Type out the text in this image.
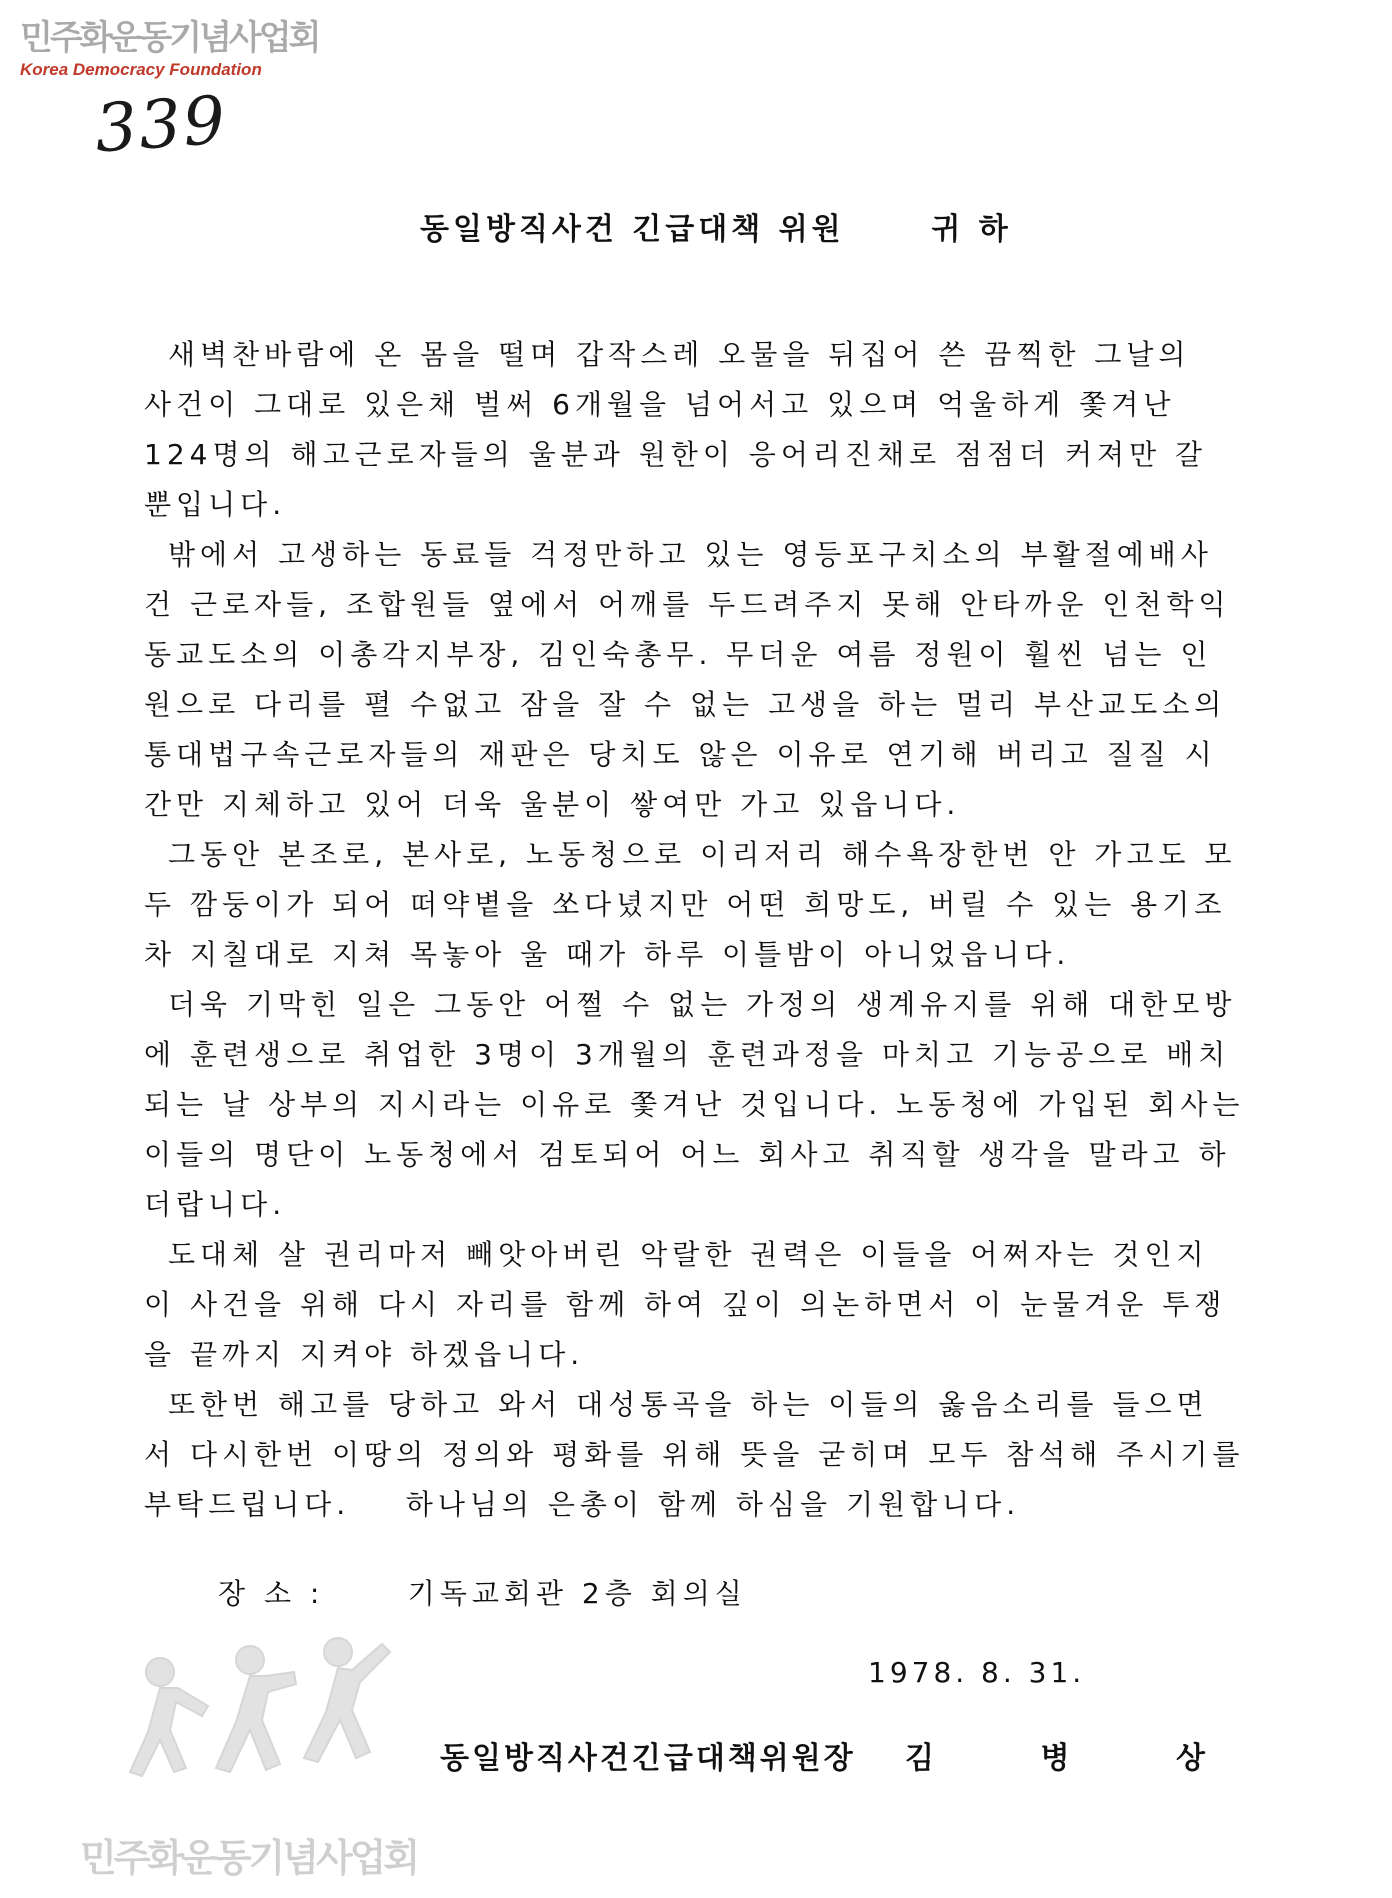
민주화운동기념사업회
Korea Democracy Foundation
339
동일방직사건 긴급대책 위원      귀 하
새벽찬바람에 온 몸을 떨며 갑작스레 오물을 뒤집어 쓴 끔찍한 그날의
사건이 그대로 있은채 벌써 6개월을 넘어서고 있으며 억울하게 쫓겨난
124명의 해고근로자들의 울분과 원한이 응어리진채로 점점더 커져만 갈
뿐입니다.
밖에서 고생하는 동료들 걱정만하고 있는 영등포구치소의 부활절예배사
건 근로자들, 조합원들 옆에서 어깨를 두드려주지 못해 안타까운 인천학익
동교도소의 이총각지부장, 김인숙총무. 무더운 여름 정원이 훨씬 넘는 인
원으로 다리를 펼 수없고 잠을 잘 수 없는 고생을 하는 멀리 부산교도소의
통대법구속근로자들의 재판은 당치도 않은 이유로 연기해 버리고 질질 시
간만 지체하고 있어 더욱 울분이 쌓여만 가고 있읍니다.
그동안 본조로, 본사로, 노동청으로 이리저리 해수욕장한번 안 가고도 모
두 깜둥이가 되어 떠약볕을 쏘다녔지만 어떤 희망도, 버릴 수 있는 용기조
차 지칠대로 지쳐 목놓아 울 때가 하루 이틀밤이 아니었읍니다.
더욱 기막힌 일은 그동안 어쩔 수 없는 가정의 생계유지를 위해 대한모방
에 훈련생으로 취업한 3명이 3개월의 훈련과정을 마치고 기능공으로 배치
되는 날 상부의 지시라는 이유로 쫓겨난 것입니다. 노동청에 가입된 회사는
이들의 명단이 노동청에서 검토되어 어느 회사고 취직할 생각을 말라고 하
더랍니다.
도대체 살 권리마저 빼앗아버린 악랄한 권력은 이들을 어쩌자는 것인지
이 사건을 위해 다시 자리를 함께 하여 깊이 의논하면서 이 눈물겨운 투쟁
을 끝까지 지켜야 하겠읍니다.
또한번 해고를 당하고 와서 대성통곡을 하는 이들의 옳음소리를 들으면
서 다시한번 이땅의 정의와 평화를 위해 뜻을 굳히며 모두 참석해 주시기를
부탁드립니다.    하나님의 은총이 함께 하심을 기원합니다.
장 소 :	기독교회관 2층 회의실
1978. 8. 31.
동일방직사건긴급대책위원장 김	병	상
민주화운동기념사업회
